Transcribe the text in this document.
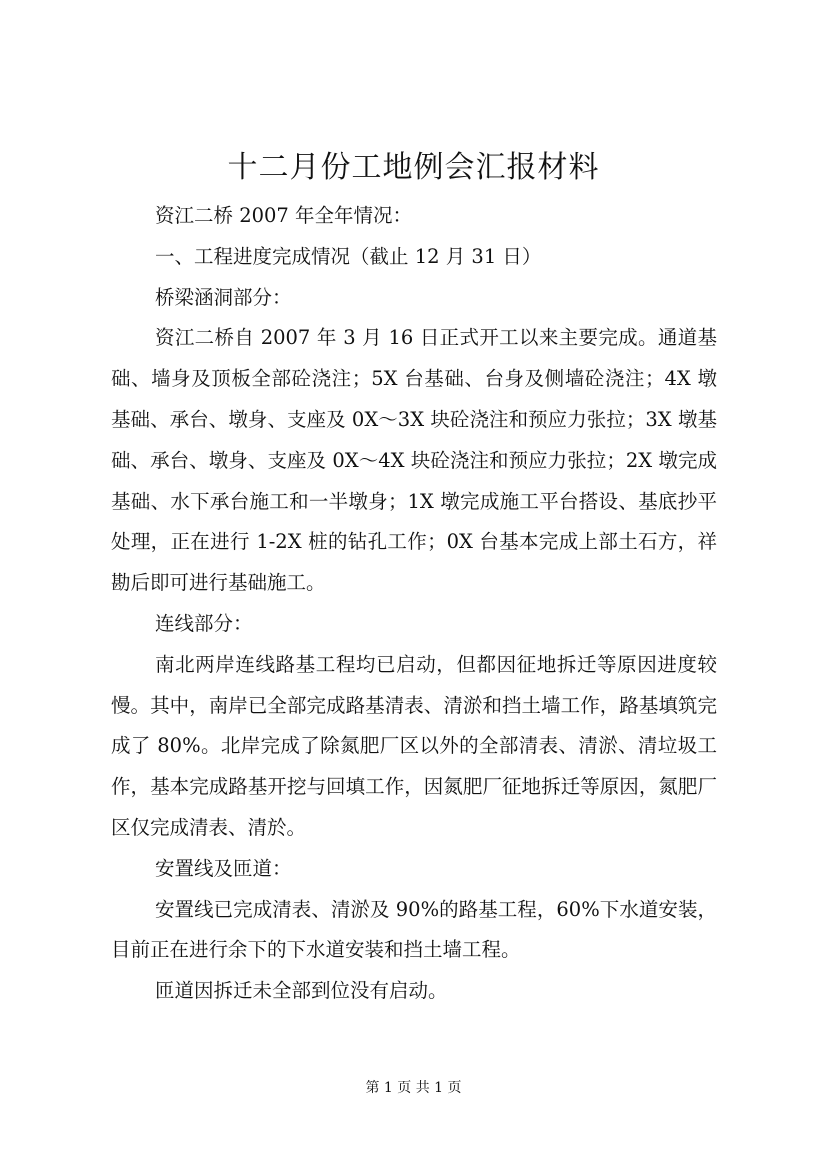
十二月份工地例会汇报材料

资江二桥 2007 年全年情况：

一、工程进度完成情况（截止 12 月 31 日）

桥梁涵洞部分：

资江二桥自 2007 年 3 月 16 日正式开工以来主要完成。通道基础、墙身及顶板全部砼浇注；5X 台基础、台身及侧墙砼浇注；4X 墩基础、承台、墩身、支座及 0X～3X 块砼浇注和预应力张拉；3X 墩基础、承台、墩身、支座及 0X～4X 块砼浇注和预应力张拉；2X 墩完成基础、水下承台施工和一半墩身；1X 墩完成施工平台搭设、基底抄平处理，正在进行 1-2X 桩的钻孔工作；0X 台基本完成上部土石方，祥勘后即可进行基础施工。

连线部分：

南北两岸连线路基工程均已启动，但都因征地拆迁等原因进度较慢。其中，南岸已全部完成路基清表、清淤和挡土墙工作，路基填筑完成了 80%。北岸完成了除氮肥厂区以外的全部清表、清淤、清垃圾工作，基本完成路基开挖与回填工作，因氮肥厂征地拆迁等原因，氮肥厂区仅完成清表、清於。

安置线及匝道：

安置线已完成清表、清淤及 90%的路基工程，60%下水道安装，目前正在进行余下的下水道安装和挡土墙工程。

匝道因拆迁未全部到位没有启动。

第 1 页 共 1 页
